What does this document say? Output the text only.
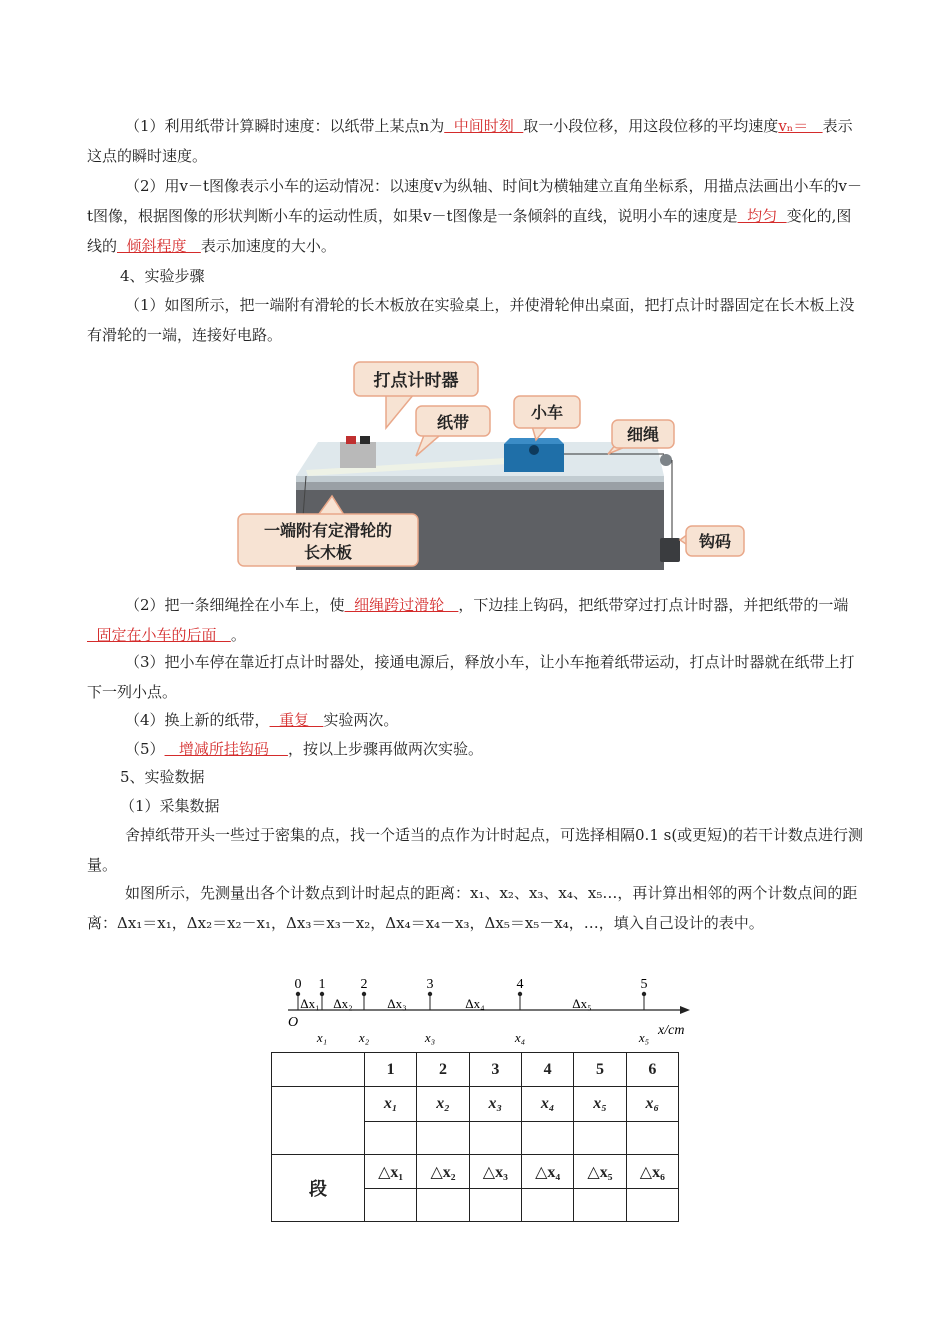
（1）利用纸带计算瞬时速度：以纸带上某点n为  中间时刻  取一小段位移，用这段位移的平均速度vₙ＝   表示这点的瞬时速度。

（2）用v－t图像表示小车的运动情况：以速度v为纵轴、时间t为横轴建立直角坐标系，用描点法画出小车的v－t图像，根据图像的形状判断小车的运动性质，如果v－t图像是一条倾斜的直线，说明小车的速度是  均匀  变化的,图线的  倾斜程度   表示加速度的大小。

4、实验步骤

（1）如图所示，把一端附有滑轮的长木板放在实验桌上，并使滑轮伸出桌面，把打点计时器固定在长木板上没有滑轮的一端，连接好电路。

打点计时器
纸带
小车
细绳
一端附有定滑轮的
长木板
钩码

（2）把一条细绳拴在小车上，使  细绳跨过滑轮   ，下边挂上钩码，把纸带穿过打点计时器，并把纸带的一端  固定在小车的后面   。

（3）把小车停在靠近打点计时器处，接通电源后，释放小车，让小车拖着纸带运动，打点计时器就在纸带上打下一列小点。

（4）换上新的纸带，  重复   实验两次。

（5）   增减所挂钩码    ，按以上步骤再做两次实验。

5、实验数据
（1）采集数据

舍掉纸带开头一些过于密集的点，找一个适当的点作为计时起点，可选择相隔0.1 s(或更短)的若干计数点进行测量。

如图所示，先测量出各个计数点到计时起点的距离：x₁、x₂、x₃、x₄、x₅…，再计算出相邻的两个计数点间的距离：Δx₁＝x₁，Δx₂＝x₂－x₁，Δx₃＝x₃－x₂，Δx₄＝x₄－x₃，Δx₅＝x₅－x₄，…，填入自己设计的表中。

O
x/cm
0 1
x₁
2
x₂
3
x₃
4
x₄
5
x₅
Δx₁ Δx₂	Δx₃	Δx₄	Δx₅
	1	2	3	4	5	6
	x₁	x₂	x₃	x₄	x₅	x₆

段	△x₁	△x₂	△x₃	△x₄	△x₅	△x₆
